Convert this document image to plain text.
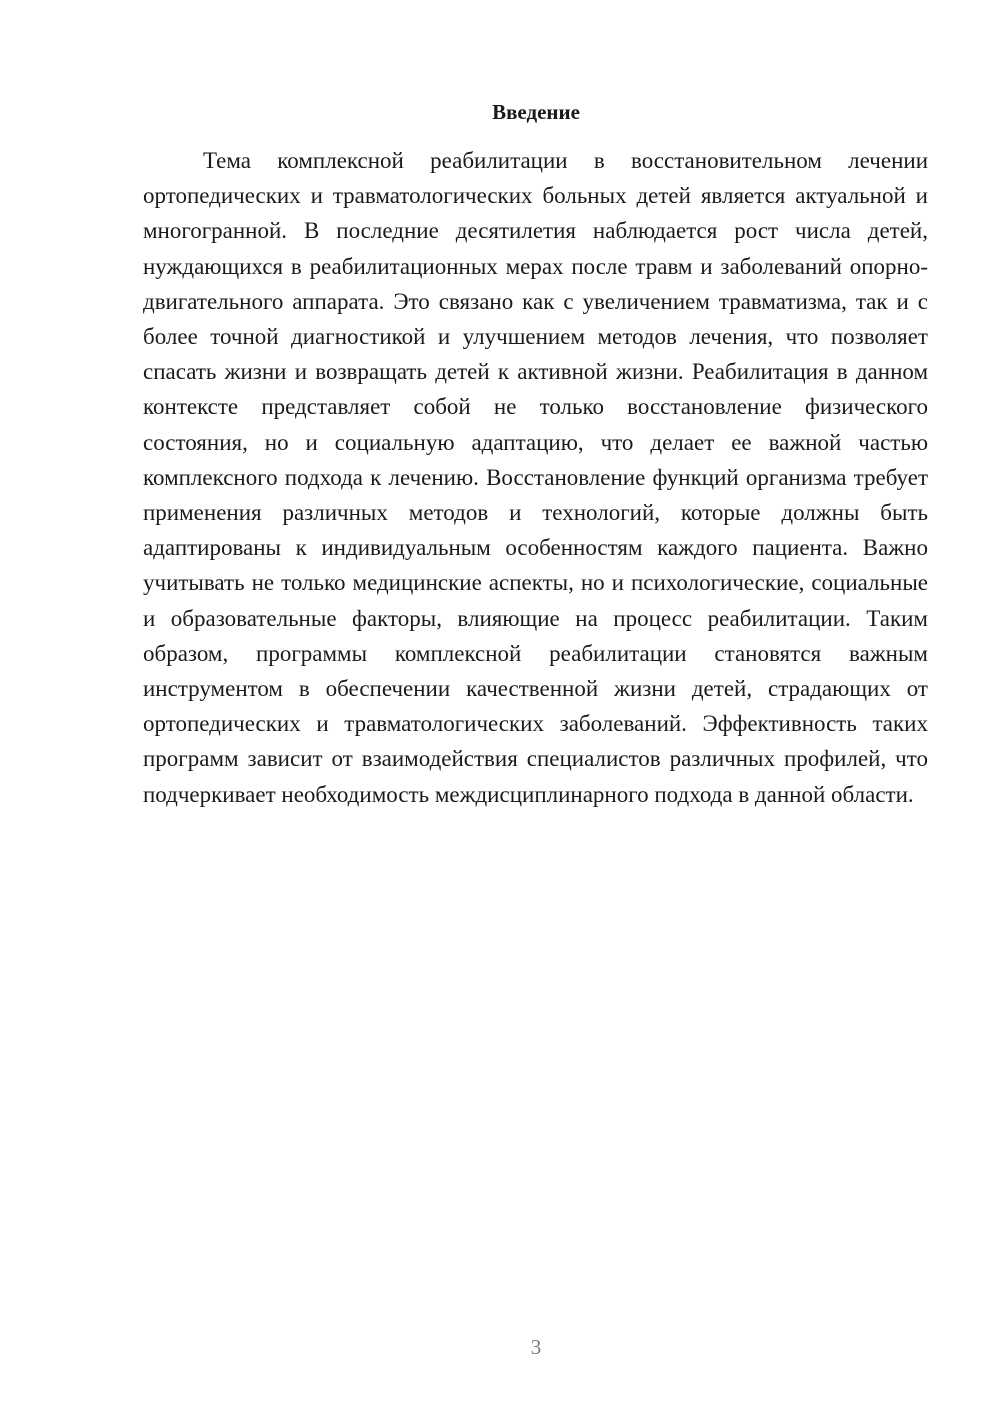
Введение

Тема комплексной реабилитации в восстановительном лечении ортопедических и травматологических больных детей является актуальной и многогранной. В последние десятилетия наблюдается рост числа детей, нуждающихся в реабилитационных мерах после травм и заболеваний опорно-двигательного аппарата. Это связано как с увеличением травматизма, так и с более точной диагностикой и улучшением методов лечения, что позволяет спасать жизни и возвращать детей к активной жизни. Реабилитация в данном контексте представляет собой не только восстановление физического состояния, но и социальную адаптацию, что делает ее важной частью комплексного подхода к лечению. Восстановление функций организма требует применения различных методов и технологий, которые должны быть адаптированы к индивидуальным особенностям каждого пациента. Важно учитывать не только медицинские аспекты, но и психологические, социальные и образовательные факторы, влияющие на процесс реабилитации. Таким образом, программы комплексной реабилитации становятся важным инструментом в обеспечении качественной жизни детей, страдающих от ортопедических и травматологических заболеваний. Эффективность таких программ зависит от взаимодействия специалистов различных профилей, что подчеркивает необходимость междисциплинарного подхода в данной области.

3
